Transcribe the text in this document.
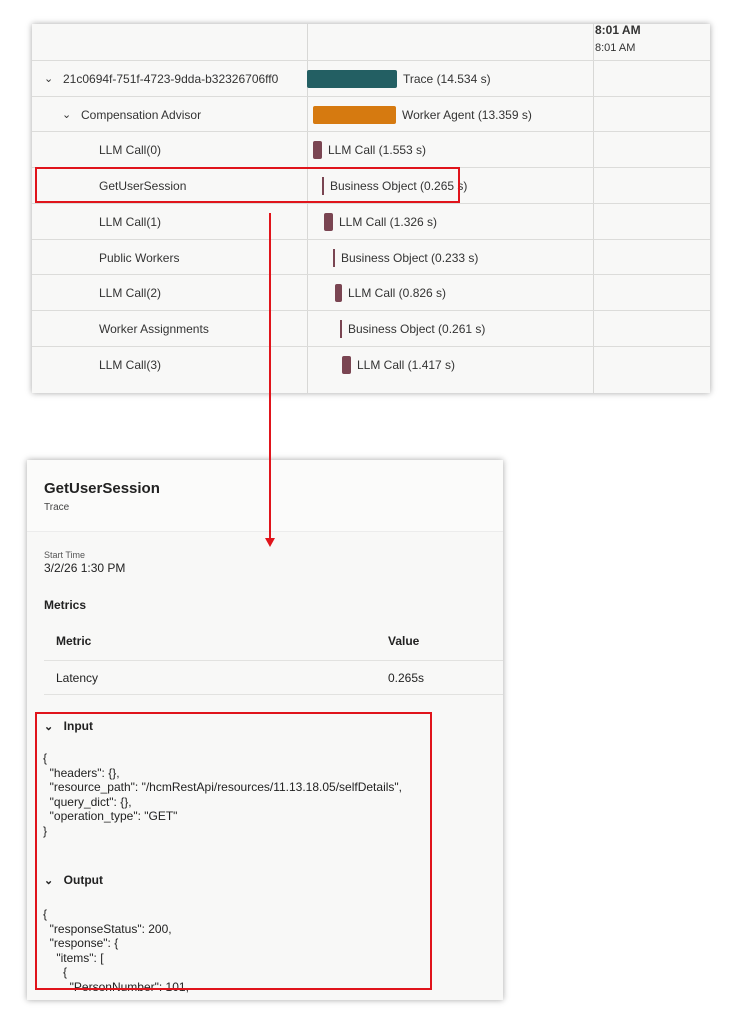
8:01 AM
8:01 AM
⌄ 21c0694f-751f-4723-9dda-b32326706ff0	Trace (14.534 s)
⌄ Compensation Advisor	Worker Agent (13.359 s)
LLM Call(0)	LLM Call (1.553 s)
GetUserSession	Business Object (0.265 s)
LLM Call(1)	LLM Call (1.326 s)
Public Workers	Business Object (0.233 s)
LLM Call(2)	LLM Call (0.826 s)
Worker Assignments	Business Object (0.261 s)
LLM Call(3)	LLM Call (1.417 s)
GetUserSession
Trace
Start Time
3/2/26 1:30 PM
Metrics
Metric	Value
Latency	0.265s
⌄ Input
{
"headers": {},
"resource_path": "/hcmRestApi/resources/11.13.18.05/selfDetails",
"query_dict": {},
"operation_type": "GET"
}
⌄ Output
{
"responseStatus": 200,
"response": {
"items": [
{
"PersonNumber": 101,
